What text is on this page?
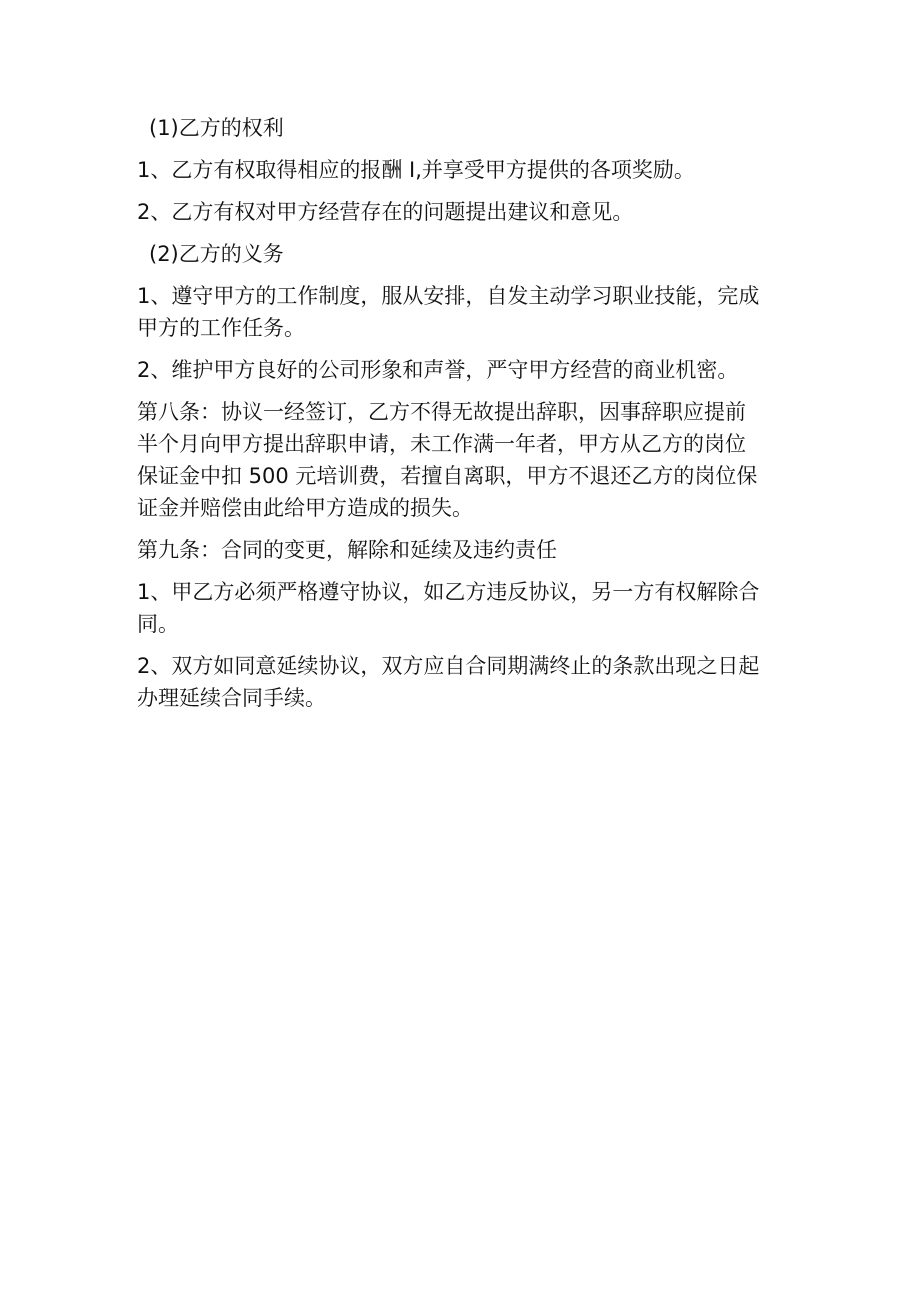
(1)乙方的权利

1、乙方有权取得相应的报酬 I,并享受甲方提供的各项奖励。

2、乙方有权对甲方经营存在的问题提出建议和意见。

(2)乙方的义务

1、遵守甲方的工作制度，服从安排，自发主动学习职业技能，完成
甲方的工作任务。

2、维护甲方良好的公司形象和声誉，严守甲方经营的商业机密。

第八条：协议一经签订，乙方不得无故提出辞职，因事辞职应提前
半个月向甲方提出辞职申请，未工作满一年者，甲方从乙方的岗位
保证金中扣 500 元培训费，若擅自离职，甲方不退还乙方的岗位保
证金并赔偿由此给甲方造成的损失。

第九条：合同的变更，解除和延续及违约责任

1、甲乙方必须严格遵守协议，如乙方违反协议，另一方有权解除合
同。

2、双方如同意延续协议，双方应自合同期满终止的条款出现之日起
办理延续合同手续。
